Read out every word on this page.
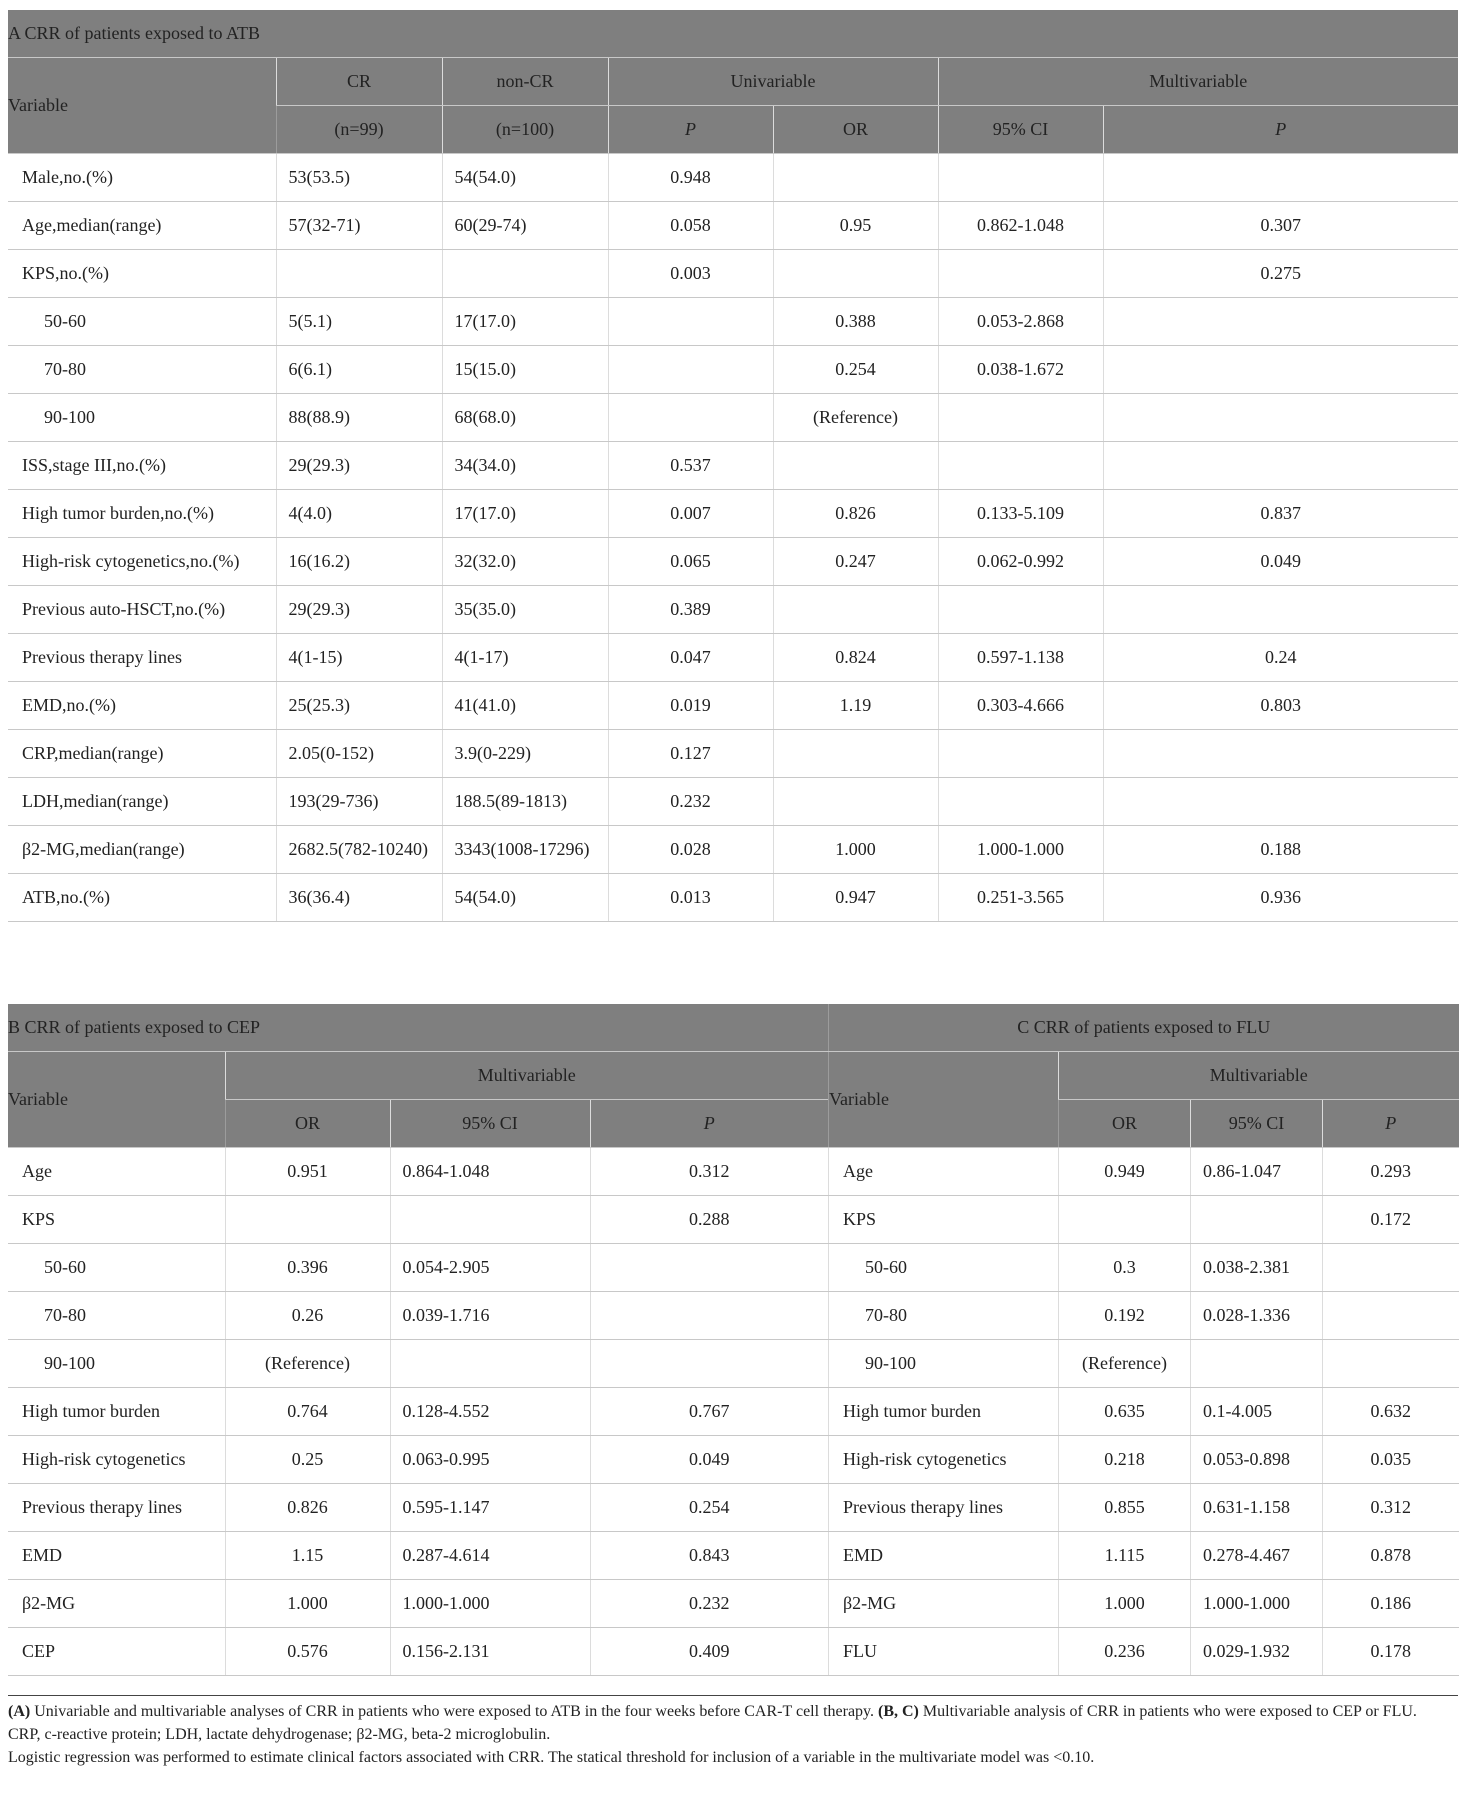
A CRR of patients exposed to ATB						
Variable	CR	non-CR	Univariable		Multivariable	
	(n=99)	(n=100)	P	OR	95% CI	P
Male,no.(%)	53(53.5)	54(54.0)	0.948			
Age,median(range)	57(32-71)	60(29-74)	0.058	0.95	0.862-1.048	0.307
KPS,no.(%)			0.003			0.275
50-60	5(5.1)	17(17.0)		0.388	0.053-2.868	
70-80	6(6.1)	15(15.0)		0.254	0.038-1.672	
90-100	88(88.9)	68(68.0)		(Reference)		
ISS,stage III,no.(%)	29(29.3)	34(34.0)	0.537			
High tumor burden,no.(%)	4(4.0)	17(17.0)	0.007	0.826	0.133-5.109	0.837
High-risk cytogenetics,no.(%)	16(16.2)	32(32.0)	0.065	0.247	0.062-0.992	0.049
Previous auto-HSCT,no.(%)	29(29.3)	35(35.0)	0.389			
Previous therapy lines	4(1-15)	4(1-17)	0.047	0.824	0.597-1.138	0.24
EMD,no.(%)	25(25.3)	41(41.0)	0.019	1.19	0.303-4.666	0.803
CRP,median(range)	2.05(0-152)	3.9(0-229)	0.127			
LDH,median(range)	193(29-736)	188.5(89-1813)	0.232			
β2-MG,median(range)	2682.5(782-10240)	3343(1008-17296)	0.028	1.000	1.000-1.000	0.188
ATB,no.(%)	36(36.4)	54(54.0)	0.013	0.947	0.251-3.565	0.936
B CRR of patients exposed to CEP			
Variable	Multivariable		
	OR	95% CI	P
Age	0.951	0.864-1.048	0.312
KPS			0.288
50-60	0.396	0.054-2.905	
70-80	0.26	0.039-1.716	
90-100	(Reference)		
High tumor burden	0.764	0.128-4.552	0.767
High-risk cytogenetics	0.25	0.063-0.995	0.049
Previous therapy lines	0.826	0.595-1.147	0.254
EMD	1.15	0.287-4.614	0.843
β2-MG	1.000	1.000-1.000	0.232
CEP	0.576	0.156-2.131	0.409
C CRR of patients exposed to FLU			
Variable	Multivariable		
	OR	95% CI	P
Age	0.949	0.86-1.047	0.293
KPS			0.172
50-60	0.3	0.038-2.381	
70-80	0.192	0.028-1.336	
90-100	(Reference)		
High tumor burden	0.635	0.1-4.005	0.632
High-risk cytogenetics	0.218	0.053-0.898	0.035
Previous therapy lines	0.855	0.631-1.158	0.312
EMD	1.115	0.278-4.467	0.878
β2-MG	1.000	1.000-1.000	0.186
FLU	0.236	0.029-1.932	0.178

(A) Univariable and multivariable analyses of CRR in patients who were exposed to ATB in the four weeks before CAR-T cell therapy. (B, C) Multivariable analysis of CRR in patients who were exposed to CEP or FLU.

CRP, c-reactive protein; LDH, lactate dehydrogenase; β2-MG, beta-2 microglobulin.

Logistic regression was performed to estimate clinical factors associated with CRR. The statical threshold for inclusion of a variable in the multivariate model was <0.10.
